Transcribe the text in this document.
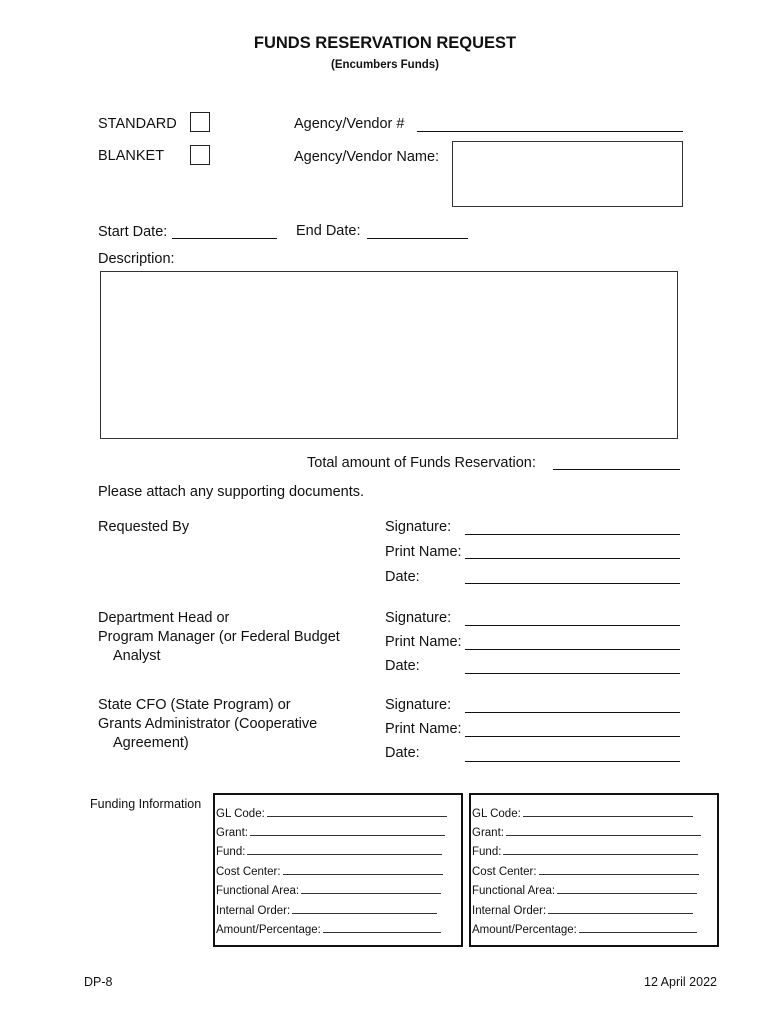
FUNDS RESERVATION REQUEST
(Encumbers Funds)
STANDARD
BLANKET
Agency/Vendor #
Agency/Vendor Name:
Start Date:	End Date:
Description:
Total amount of Funds Reservation:
Please attach any supporting documents.
Requested By	Signature:
Print Name:
Date:
Department Head or
Program Manager (or Federal Budget
Analyst
Signature:
Print Name:
Date:
State CFO (State Program) or
Grants Administrator (Cooperative
Agreement)
Signature:
Print Name:
Date:
Funding Information
GL Code:
Grant:
Fund:
Cost Center:
Functional Area:
Internal Order:
Amount/Percentage:
GL Code:
Grant:
Fund:
Cost Center:
Functional Area:
Internal Order:
Amount/Percentage:
DP-8	12 April 2022
